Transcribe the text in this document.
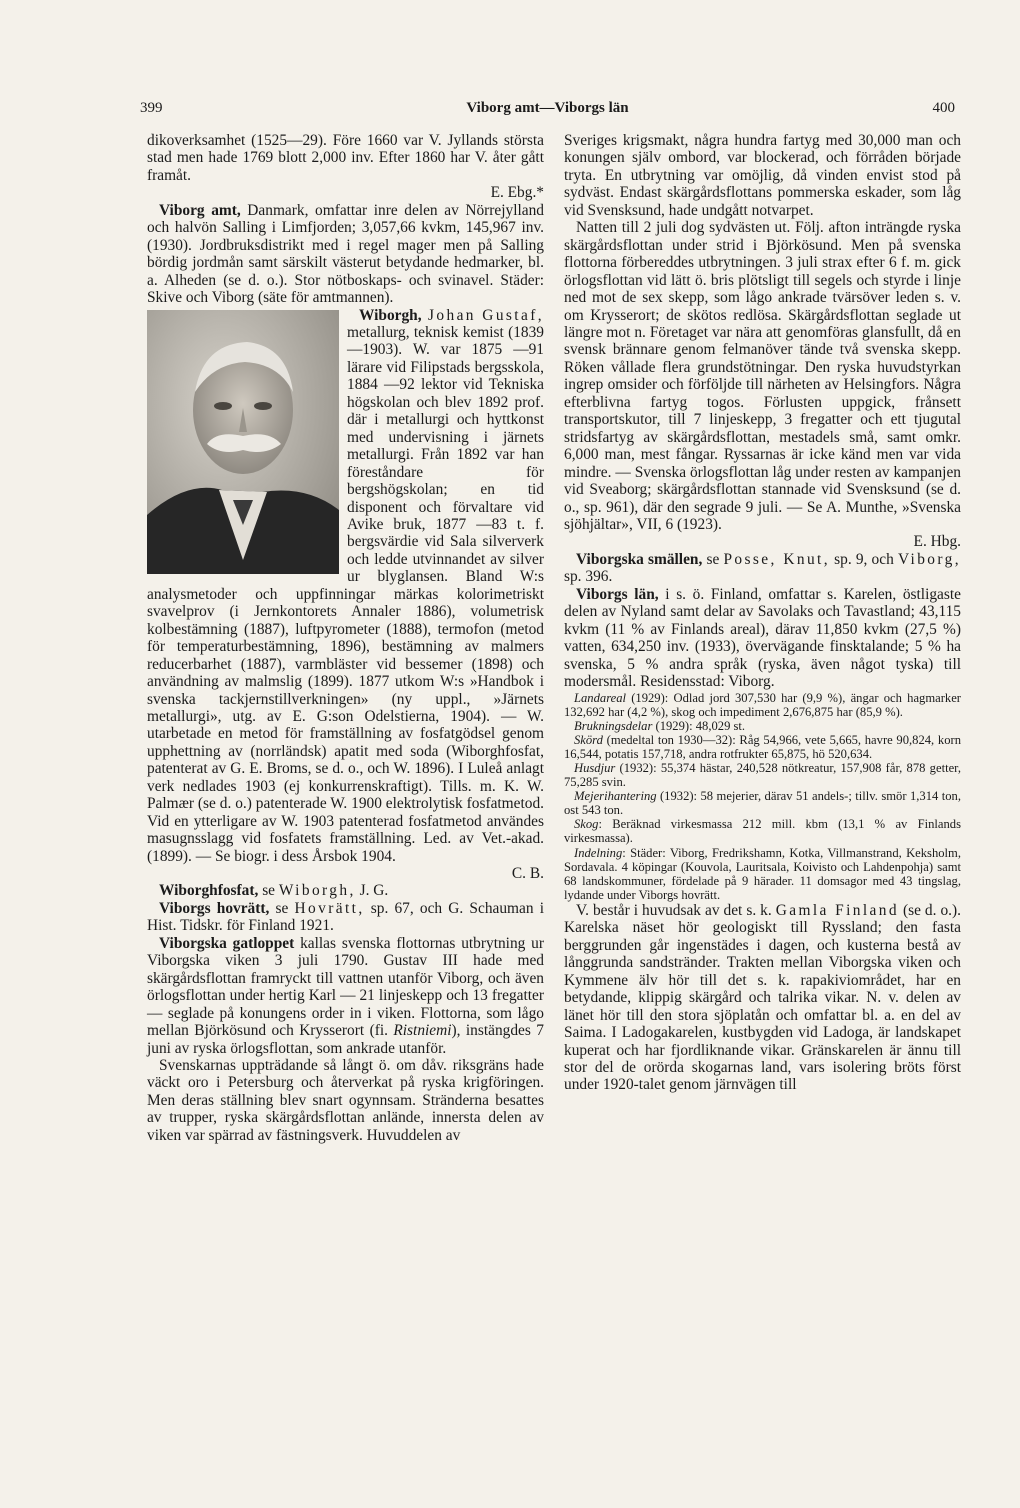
399	Viborg amt—Viborgs län	400

dikoverksamhet (1525—29). Före 1660 var V. Jyllands största stad men hade 1769 blott 2,000 inv. Efter 1860 har V. åter gått framåt.

E. Ebg.*

Viborg amt, Danmark, omfattar inre delen av Nörrejylland och halvön Salling i Limfjorden; 3,057,66 kvkm, 145,967 inv. (1930). Jordbruksdistrikt med i regel mager men på Salling bördig jordmån samt särskilt västerut betydande hedmarker, bl. a. Alheden (se d. o.). Stor nötboskaps- och svinavel. Städer: Skive och Viborg (säte för amtmannen).

Wiborgh, Johan Gustaf,
metallurg, teknisk kemist (1839—1903). W. var 1875 —91 lärare vid Filipstads bergsskola, 1884 —92 lektor vid Tekniska högskolan och blev 1892 prof. där i metallurgi och hyttkonst med undervisning i järnets metallurgi. Från 1892 var han föreståndare för bergshögskolan; en tid disponent och förvaltare vid Avike bruk, 1877 —83 t. f. bergsvärdie vid Sala silververk och ledde utvinnandet av silver ur blyglansen. Bland W:s analysmetoder och uppfinningar märkas kolorimetriskt svavelprov (i Jernkontorets Annaler 1886), volumetrisk kolbestämning (1887), luftpyrometer (1888), termofon (metod för temperaturbestämning, 1896), bestämning av malmers reducerbarhet (1887), varmbläster vid bessemer (1898) och användning av malmslig (1899). 1877 utkom W:s »Handbok i svenska tackjernstillverkningen» (ny uppl., »Järnets metallurgi», utg. av E. G:son Odelstierna, 1904). — W. utarbetade en metod för framställning av fosfatgödsel genom upphettning av (norrländsk) apatit med soda (Wiborghfosfat, patenterat av G. E. Broms, se d. o., och W. 1896). I Luleå anlagt verk nedlades 1903 (ej konkurrenskraftigt). Tills. m. K. W. Palmær (se d. o.) patenterade W. 1900 elektrolytisk fosfatmetod. Vid en ytterligare av W. 1903 patenterad fosfatmetod användes masugnsslagg vid fosfatets framställning. Led. av Vet.-akad. (1899). — Se biogr. i dess Årsbok 1904.

C. B.

Wiborghfosfat, se Wiborgh, J. G.

Viborgs hovrätt, se Hovrätt, sp. 67, och G. Schauman i Hist. Tidskr. för Finland 1921.

Viborgska gatloppet kallas svenska flottornas utbrytning ur Viborgska viken 3 juli 1790. Gustav III hade med skärgårdsflottan framryckt till vattnen utanför Viborg, och även örlogsflottan under hertig Karl — 21 linjeskepp och 13 fregatter — seglade på konungens order in i viken. Flottorna, som lågo mellan Björkösund och Krysserort (fi. Ristniemi), instängdes 7 juni av ryska örlogsflottan, som ankrade utanför.

Svenskarnas uppträdande så långt ö. om dåv. riksgräns hade väckt oro i Petersburg och återverkat på ryska krigföringen. Men deras ställning blev snart ogynnsam. Stränderna besattes av trupper, ryska skärgårdsflottan anlände, innersta delen av viken var spärrad av fästningsverk. Huvuddelen av

Sveriges krigsmakt, några hundra fartyg med 30,000 man och konungen själv ombord, var blockerad, och förråden började tryta. En utbrytning var omöjlig, då vinden envist stod på sydväst. Endast skärgårdsflottans pommerska eskader, som låg vid Svensksund, hade undgått notvarpet.

Natten till 2 juli dog sydvästen ut. Följ. afton inträngde ryska skärgårdsflottan under strid i Björkösund. Men på svenska flottorna förbereddes utbrytningen. 3 juli strax efter 6 f. m. gick örlogsflottan vid lätt ö. bris plötsligt till segels och styrde i linje ned mot de sex skepp, som lågo ankrade tvärsöver leden s. v. om Krysserort; de skötos redlösa. Skärgårdsflottan seglade ut längre mot n. Företaget var nära att genomföras glansfullt, då en svensk brännare genom felmanöver tände två svenska skepp. Röken vållade flera grundstötningar. Den ryska huvudstyrkan ingrep omsider och förföljde till närheten av Helsingfors. Några efterblivna fartyg togos. Förlusten uppgick, frånsett transportskutor, till 7 linjeskepp, 3 fregatter och ett tjugutal stridsfartyg av skärgårdsflottan, mestadels små, samt omkr. 6,000 man, mest fångar. Ryssarnas är icke känd men var vida mindre. — Svenska örlogsflottan låg under resten av kampanjen vid Sveaborg; skärgårdsflottan stannade vid Svensksund (se d. o., sp. 961), där den segrade 9 juli. — Se A. Munthe, »Svenska sjöhjältar», VII, 6 (1923).

E. Hbg.

Viborgska smällen, se Posse, Knut, sp. 9, och Viborg, sp. 396.

Viborgs län, i s. ö. Finland, omfattar s. Karelen, östligaste delen av Nyland samt delar av Savolaks och Tavastland; 43,115 kvkm (11 % av Finlands areal), därav 11,850 kvkm (27,5 %) vatten, 634,250 inv. (1933), övervägande finsktalande; 5 % ha svenska, 5 % andra språk (ryska, även något tyska) till modersmål. Residensstad: Viborg.

Landareal (1929): Odlad jord 307,530 har (9,9 %), ängar och hagmarker 132,692 har (4,2 %), skog och impediment 2,676,875 har (85,9 %).

Brukningsdelar (1929): 48,029 st.

Skörd (medeltal ton 1930—32): Råg 54,966, vete 5,665, havre 90,824, korn 16,544, potatis 157,718, andra rotfrukter 65,875, hö 520,634.

Husdjur (1932): 55,374 hästar, 240,528 nötkreatur, 157,908 får, 878 getter, 75,285 svin.

Mejerihantering (1932): 58 mejerier, därav 51 andels-; tillv. smör 1,314 ton, ost 543 ton.

Skog: Beräknad virkesmassa 212 mill. kbm (13,1 % av Finlands virkesmassa).

Indelning: Städer: Viborg, Fredrikshamn, Kotka, Villmanstrand, Keksholm, Sordavala. 4 köpingar (Kouvola, Lauritsala, Koivisto och Lahdenpohja) samt 68 landskommuner, fördelade på 9 härader. 11 domsagor med 43 tingslag, lydande under Viborgs hovrätt.

V. består i huvudsak av det s. k. Gamla Finland (se d. o.). Karelska näset hör geologiskt till Ryssland; den fasta berggrunden går ingenstädes i dagen, och kusterna bestå av långgrunda sandstränder. Trakten mellan Viborgska viken och Kymmene älv hör till det s. k. rapakiviområdet, har en betydande, klippig skärgård och talrika vikar. N. v. delen av länet hör till den stora sjöplatån och omfattar bl. a. en del av Saima. I Ladogakarelen, kustbygden vid Ladoga, är landskapet kuperat och har fjordliknande vikar. Gränskarelen är ännu till stor del de orörda skogarnas land, vars isolering bröts först under 1920-talet genom järnvägen till
